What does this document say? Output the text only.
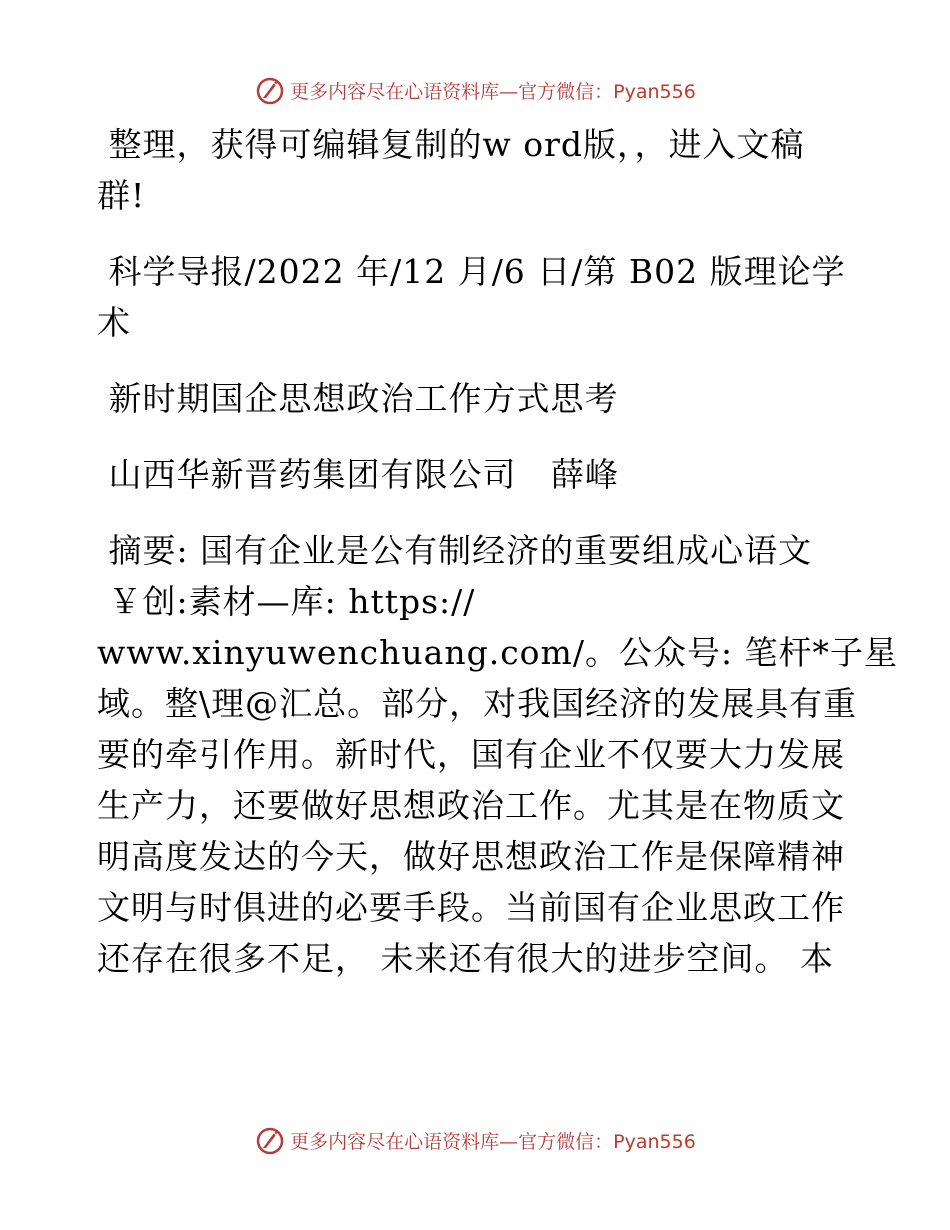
更多内容尽在心语资料库—官方微信：Pyan556

整理，获得可编辑复制的w ord版，，进入文稿
群!

科学导报/2022 年/12 月/6 日/第 B02 版理论学
术

新时期国企思想政治工作方式思考

山西华新晋药集团有限公司   薛峰

摘要: 国有企业是公有制经济的重要组成心语文
￥创:素材—库: https://
www.xinyuwenchuang.com/。公众号: 笔杆*子星
域。整\理@汇总。部分，对我国经济的发展具有重
要的牵引作用。新时代，国有企业不仅要大力发展
生产力，还要做好思想政治工作。尤其是在物质文
明高度发达的今天，做好思想政治工作是保障精神
文明与时俱进的必要手段。当前国有企业思政工作
还存在很多不足， 未来还有很大的进步空间。 本
更多内容尽在心语资料库—官方微信：Pyan556
